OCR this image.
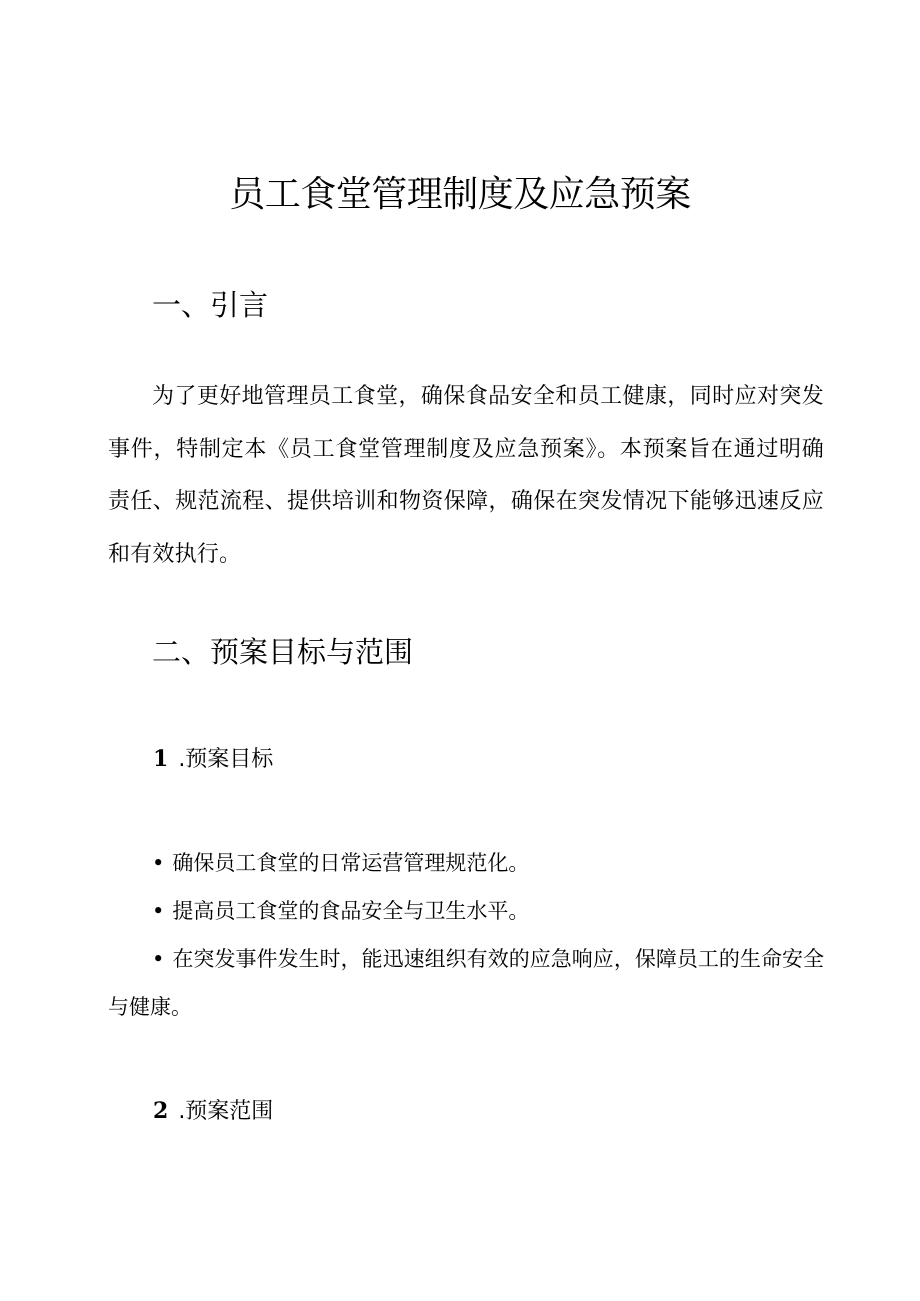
员工食堂管理制度及应急预案
一、引言
为了更好地管理员工食堂，确保食品安全和员工健康，同时应对突发事件，特制定本《员工食堂管理制度及应急预案》。本预案旨在通过明确责任、规范流程、提供培训和物资保障，确保在突发情况下能够迅速反应和有效执行。
二、预案目标与范围
1 .预案目标
• 确保员工食堂的日常运营管理规范化。
• 提高员工食堂的食品安全与卫生水平。
• 在突发事件发生时，能迅速组织有效的应急响应，保障员工的生命安全与健康。
2 .预案范围
